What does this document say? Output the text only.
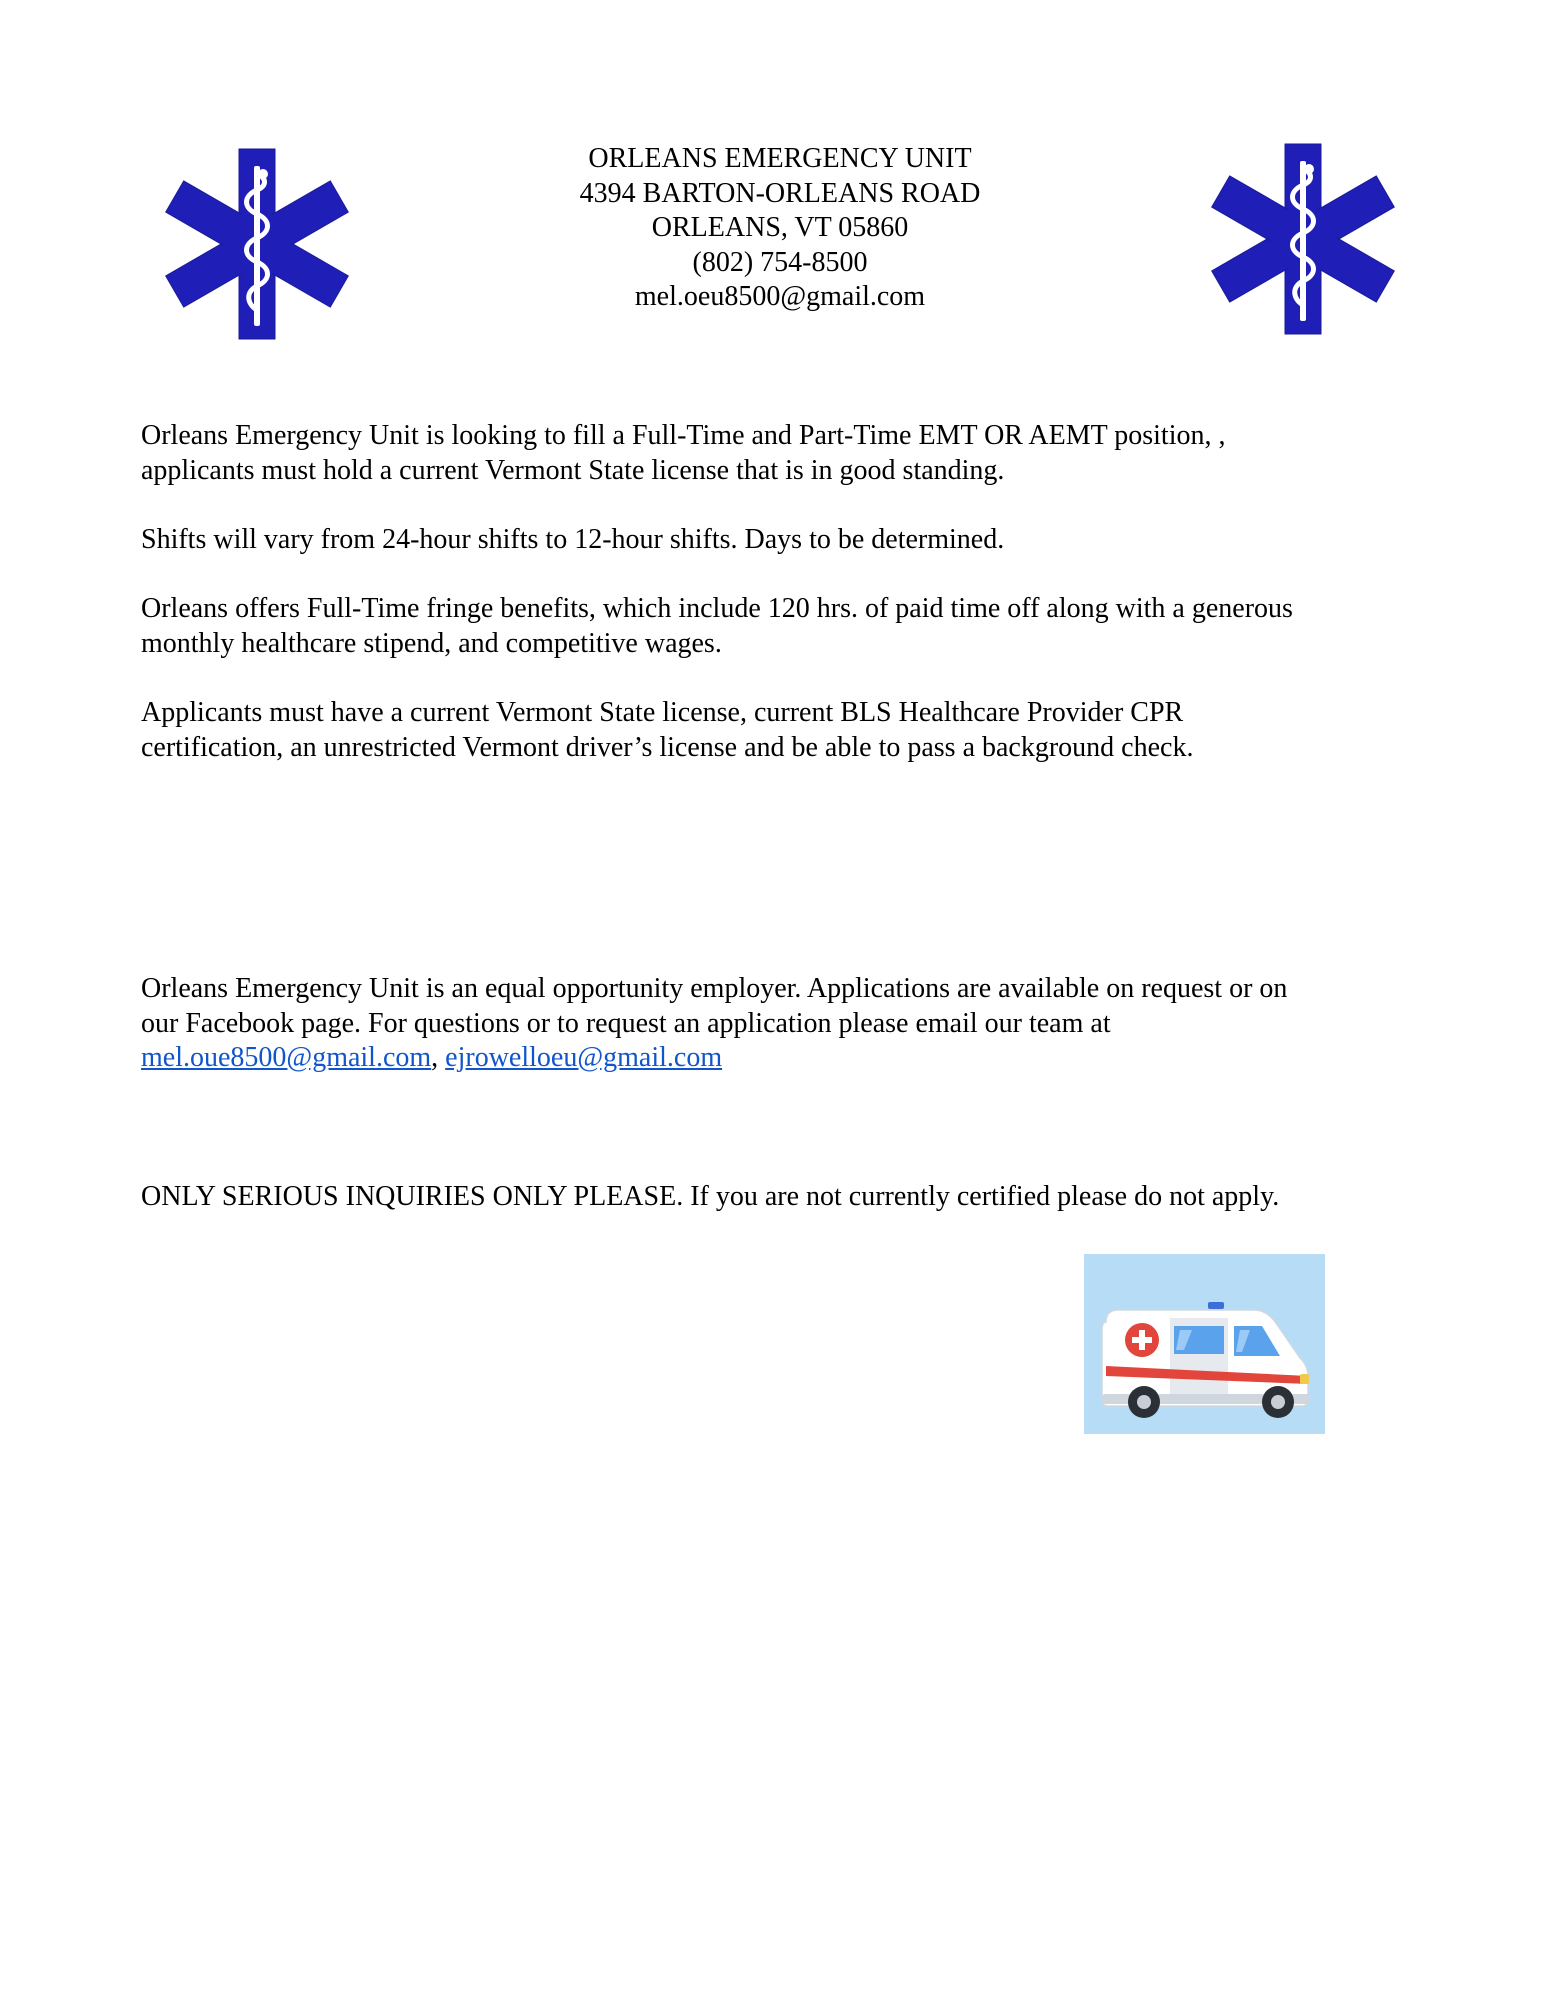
ORLEANS EMERGENCY UNIT
4394 BARTON-ORLEANS ROAD
ORLEANS, VT 05860
(802) 754-8500
mel.oeu8500@gmail.com

Orleans Emergency Unit is looking to fill a Full-Time and Part-Time EMT OR AEMT position, ,
applicants must hold a current Vermont State license that is in good standing.

Shifts will vary from 24-hour shifts to 12-hour shifts. Days to be determined.

Orleans offers Full-Time fringe benefits, which include 120 hrs. of paid time off along with a generous
monthly healthcare stipend, and competitive wages.

Applicants must have a current Vermont State license, current BLS Healthcare Provider CPR
certification, an unrestricted Vermont driver’s license and be able to pass a background check.

Orleans Emergency Unit is an equal opportunity employer. Applications are available on request or on
our Facebook page. For questions or to request an application please email our team at
mel.oue8500@gmail.com, ejrowelloeu@gmail.com

ONLY SERIOUS INQUIRIES ONLY PLEASE. If you are not currently certified please do not apply.
